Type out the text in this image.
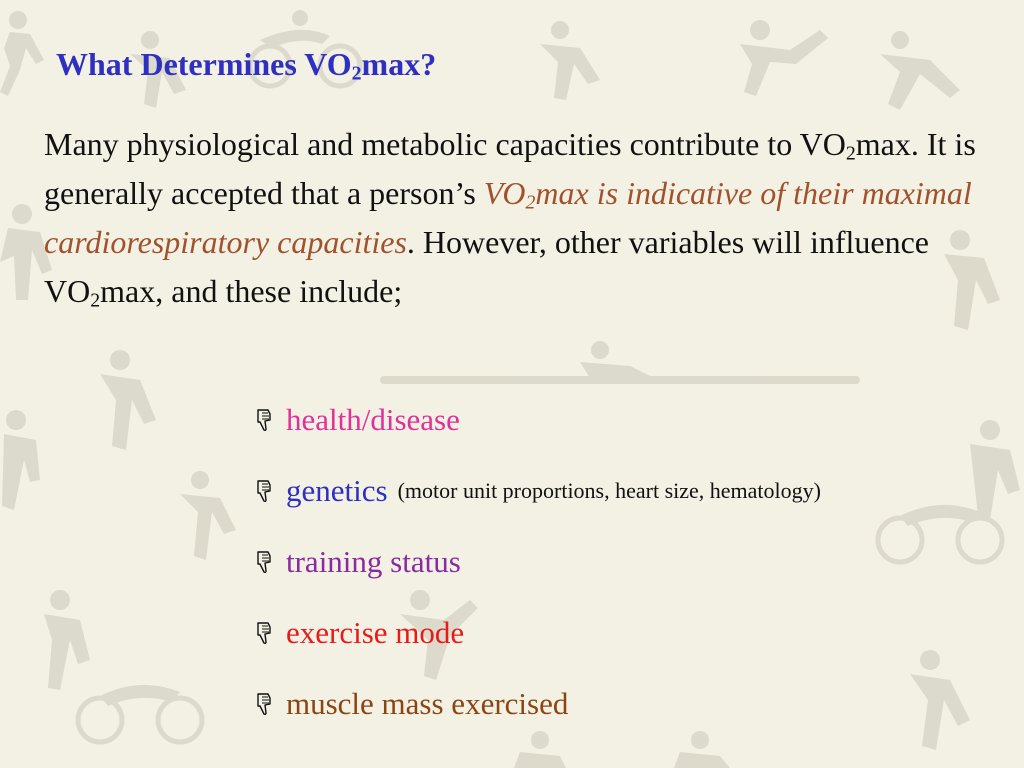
What Determines $VO_2\max$?

Many physiological and metabolic capacities contribute to $VO_2\max$. It is generally accepted that a person’s $VO_2\max$ is indicative of their maximal cardiorespiratory capacities. However, other variables will influence $VO_2\max$, and these include;

health/disease
genetics (motor unit proportions, heart size, hematology)
training status
exercise mode
muscle mass exercised
